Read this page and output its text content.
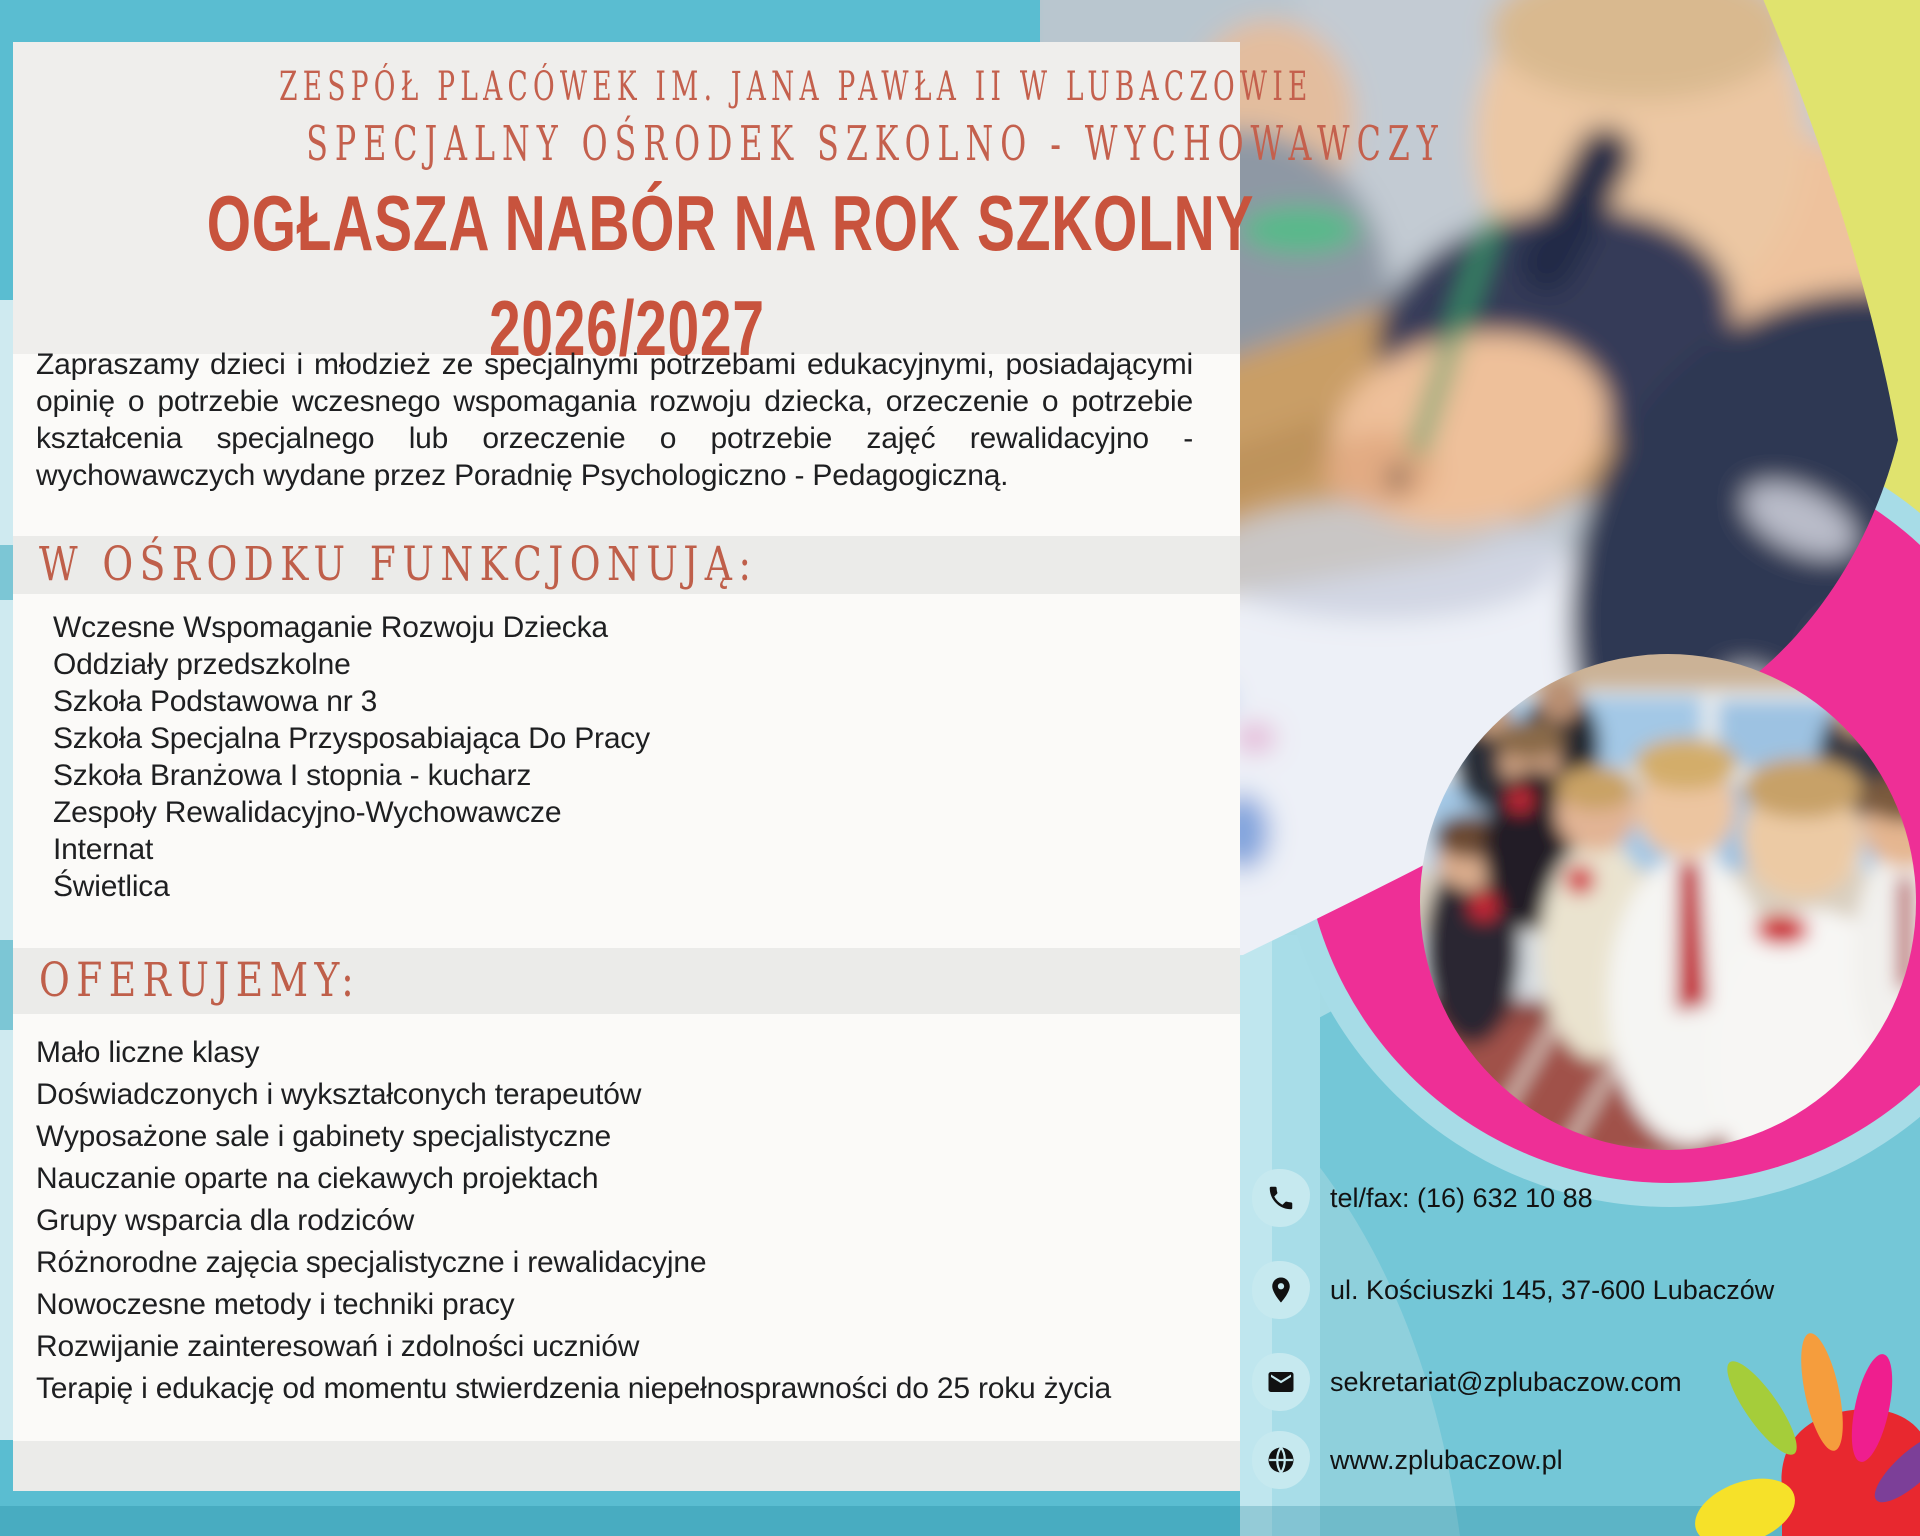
ZESPÓŁ PLACÓWEK IM. JANA PAWŁA II W LUBACZOWIE
SPECJALNY OŚRODEK SZKOLNO - WYCHOWAWCZY
OGŁASZA NABÓR NA ROK SZKOLNY
2026/2027
Zapraszamy dzieci i młodzież ze specjalnymi potrzebami edukacyjnymi, posiadającymi opinię o potrzebie wczesnego wspomagania rozwoju dziecka, orzeczenie o potrzebie kształcenia specjalnego lub orzeczenie o potrzebie zajęć rewalidacyjno - wychowawczych wydane przez Poradnię Psychologiczno - Pedagogiczną.
W OŚRODKU FUNKCJONUJĄ:
Wczesne Wspomaganie Rozwoju Dziecka
Oddziały przedszkolne
Szkoła Podstawowa nr 3
Szkoła Specjalna Przysposabiająca Do Pracy
Szkoła Branżowa I stopnia - kucharz
Zespoły Rewalidacyjno-Wychowawcze
Internat
Świetlica
OFERUJEMY:
Mało liczne klasy
Doświadczonych i wykształconych terapeutów
Wyposażone sale i gabinety specjalistyczne
Nauczanie oparte na ciekawych projektach
Grupy wsparcia dla rodziców
Różnorodne zajęcia specjalistyczne i rewalidacyjne
Nowoczesne metody i techniki pracy
Rozwijanie zainteresowań i zdolności uczniów
Terapię i edukację od momentu stwierdzenia niepełnosprawności do 25 roku życia
tel/fax: (16) 632 10 88
ul. Kościuszki 145, 37-600 Lubaczów
sekretariat@zplubaczow.com
www.zplubaczow.pl
